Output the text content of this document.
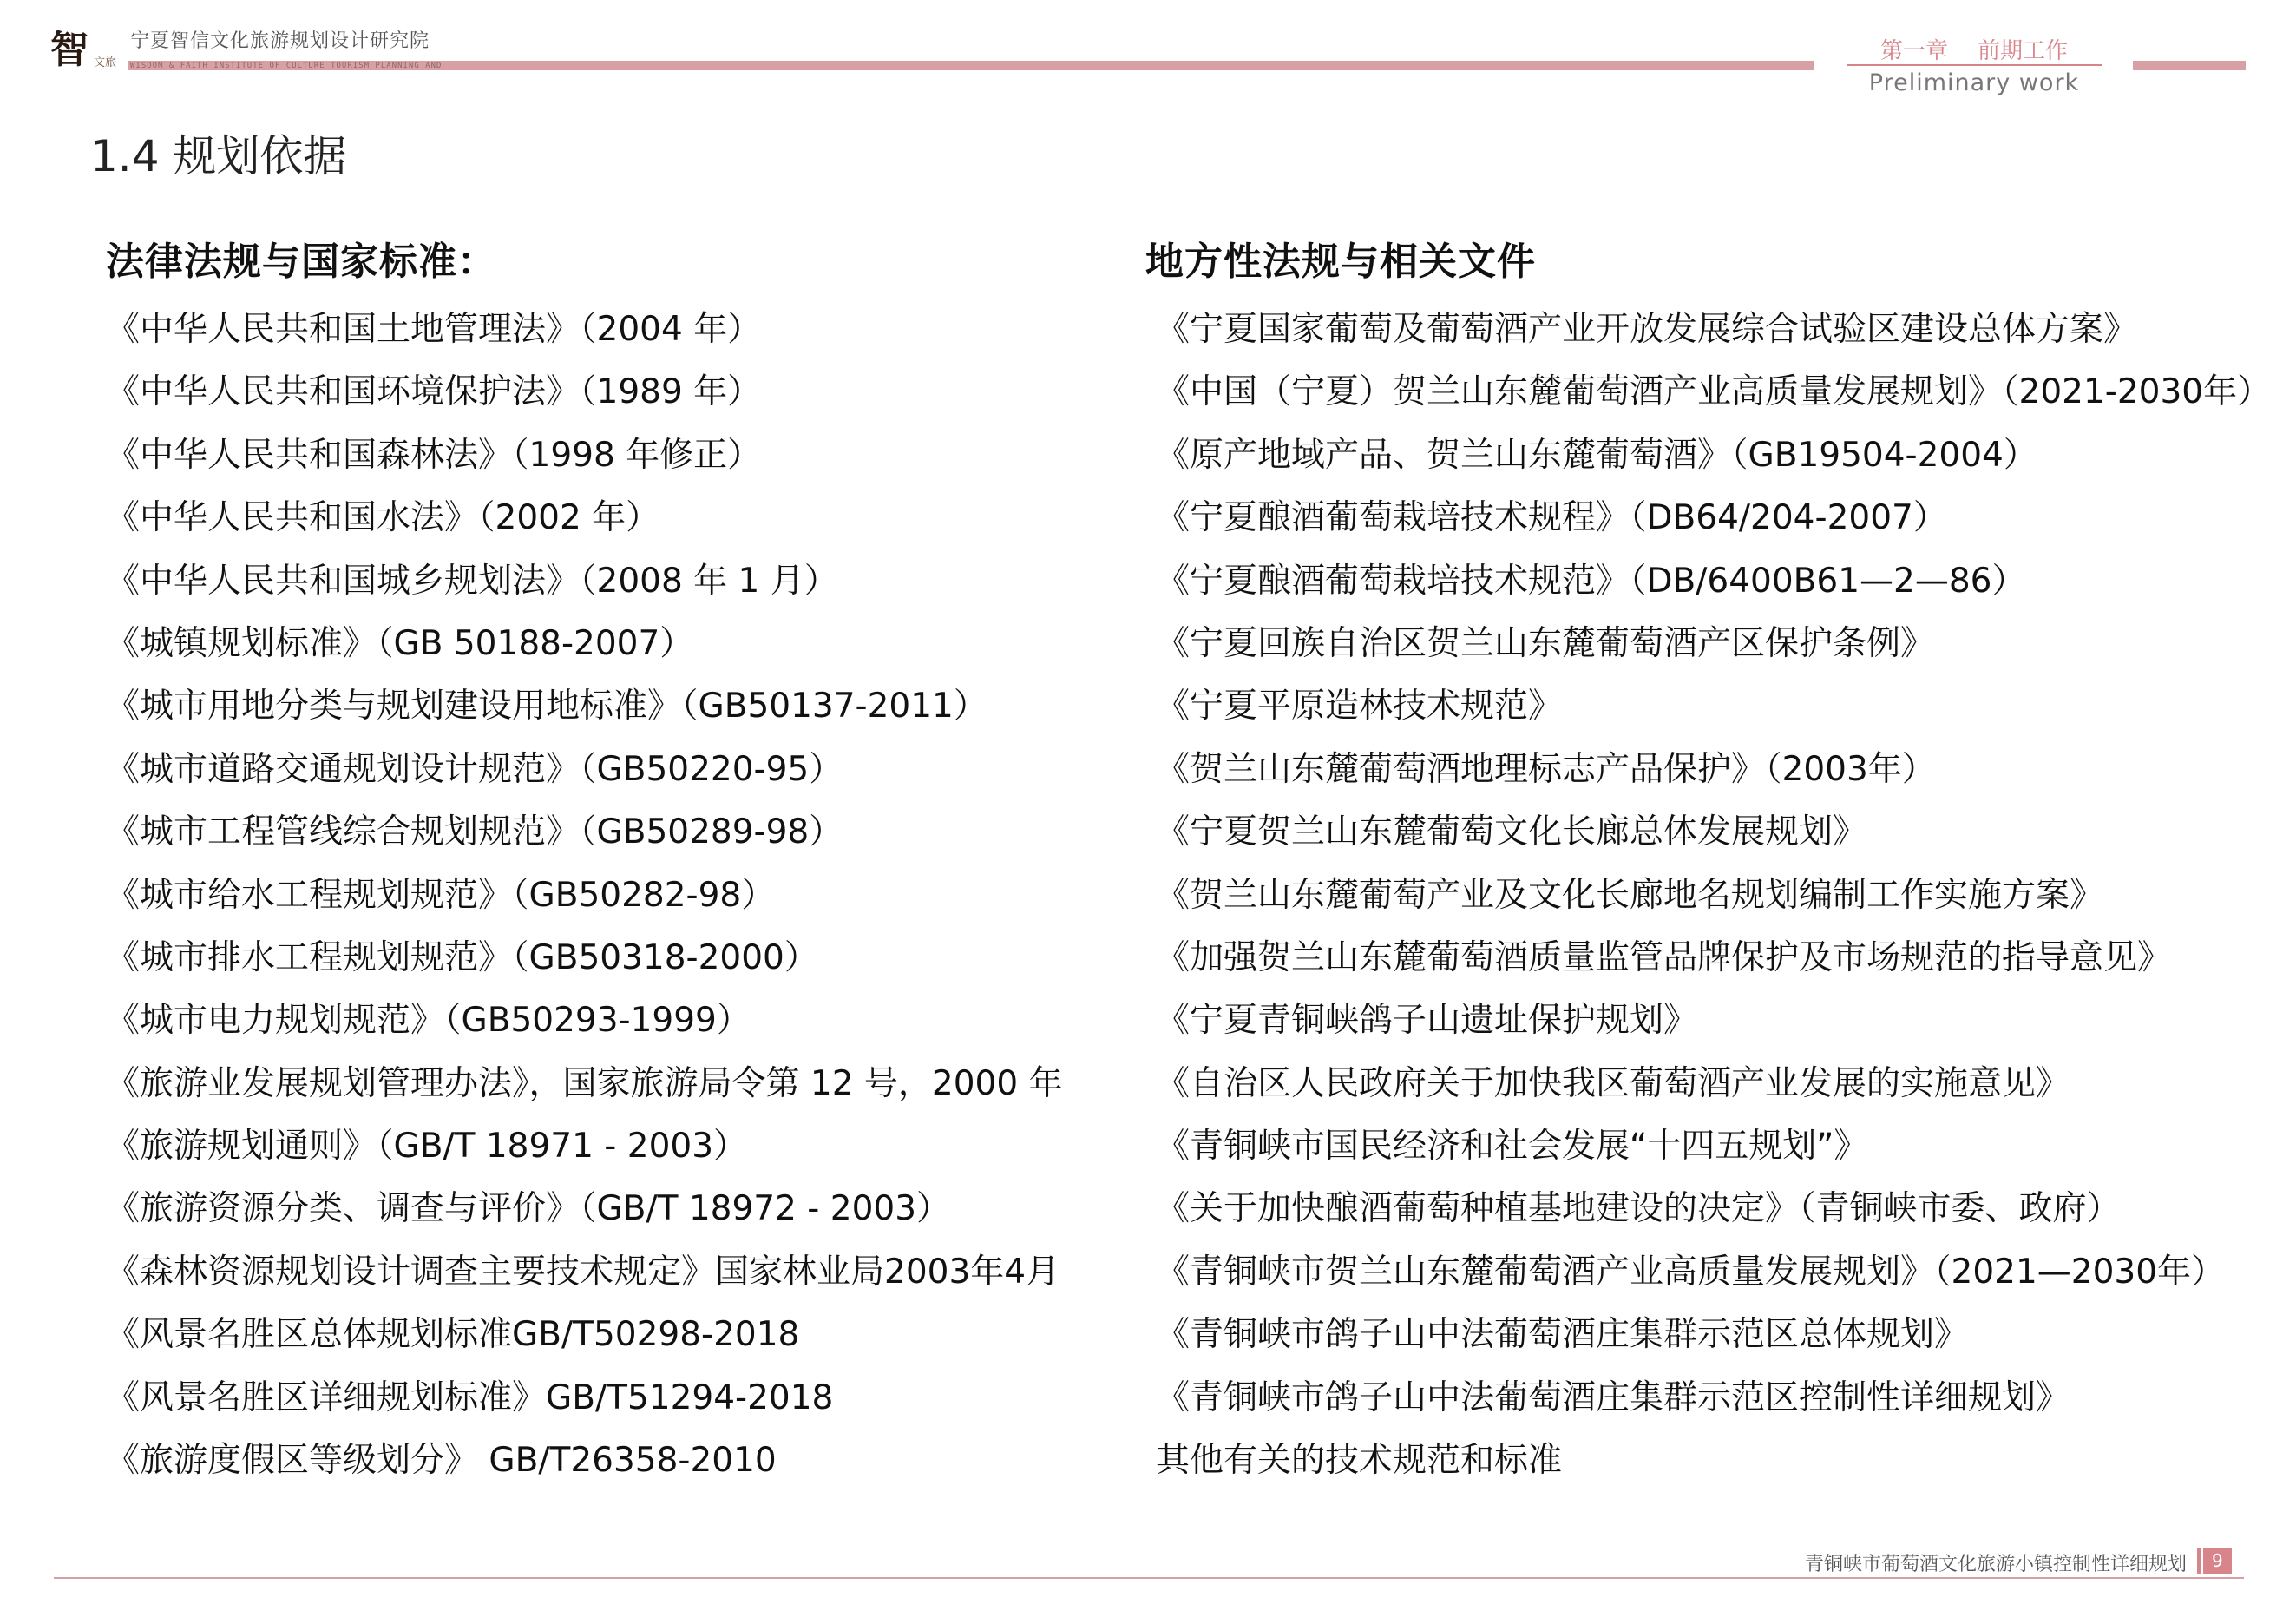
智 文旅
宁夏智信文化旅游规划设计研究院
WISDOM & FAITH INSTITUTE OF CULTURE TOURISM PLANNING AND
第一章 前期工作
Preliminary work
1.4 规划依据
法律法规与国家标准：
《中华人民共和国土地管理法》（2004 年）
《中华人民共和国环境保护法》（1989 年）
《中华人民共和国森林法》（1998 年修正）
《中华人民共和国水法》（2002 年）
《中华人民共和国城乡规划法》（2008 年 1 月）
《城镇规划标准》（GB 50188-2007）
《城市用地分类与规划建设用地标准》（GB50137-2011）
《城市道路交通规划设计规范》（GB50220-95）
《城市工程管线综合规划规范》（GB50289-98）
《城市给水工程规划规范》（GB50282-98）
《城市排水工程规划规范》（GB50318-2000）
《城市电力规划规范》（GB50293-1999）
《旅游业发展规划管理办法》，国家旅游局令第 12 号，2000 年
《旅游规划通则》（GB/T 18971 - 2003）
《旅游资源分类、调查与评价》（GB/T 18972 - 2003）
《森林资源规划设计调查主要技术规定》国家林业局2003年4月
《风景名胜区总体规划标准GB/T50298-2018
《风景名胜区详细规划标准》GB/T51294-2018
《旅游度假区等级划分》 GB/T26358-2010
地方性法规与相关文件
《宁夏国家葡萄及葡萄酒产业开放发展综合试验区建设总体方案》
《中国（宁夏）贺兰山东麓葡萄酒产业高质量发展规划》（2021-2030年）
《原产地域产品、贺兰山东麓葡萄酒》（GB19504-2004）
《宁夏酿酒葡萄栽培技术规程》（DB64/204-2007）
《宁夏酿酒葡萄栽培技术规范》（DB/6400B61—2—86）
《宁夏回族自治区贺兰山东麓葡萄酒产区保护条例》
《宁夏平原造林技术规范》
《贺兰山东麓葡萄酒地理标志产品保护》（2003年）
《宁夏贺兰山东麓葡萄文化长廊总体发展规划》
《贺兰山东麓葡萄产业及文化长廊地名规划编制工作实施方案》
《加强贺兰山东麓葡萄酒质量监管品牌保护及市场规范的指导意见》
《宁夏青铜峡鸽子山遗址保护规划》
《自治区人民政府关于加快我区葡萄酒产业发展的实施意见》
《青铜峡市国民经济和社会发展“十四五规划”》
《关于加快酿酒葡萄种植基地建设的决定》（青铜峡市委、政府）
《青铜峡市贺兰山东麓葡萄酒产业高质量发展规划》（2021—2030年）
《青铜峡市鸽子山中法葡萄酒庄集群示范区总体规划》
《青铜峡市鸽子山中法葡萄酒庄集群示范区控制性详细规划》
其他有关的技术规范和标准
青铜峡市葡萄酒文化旅游小镇控制性详细规划	9
